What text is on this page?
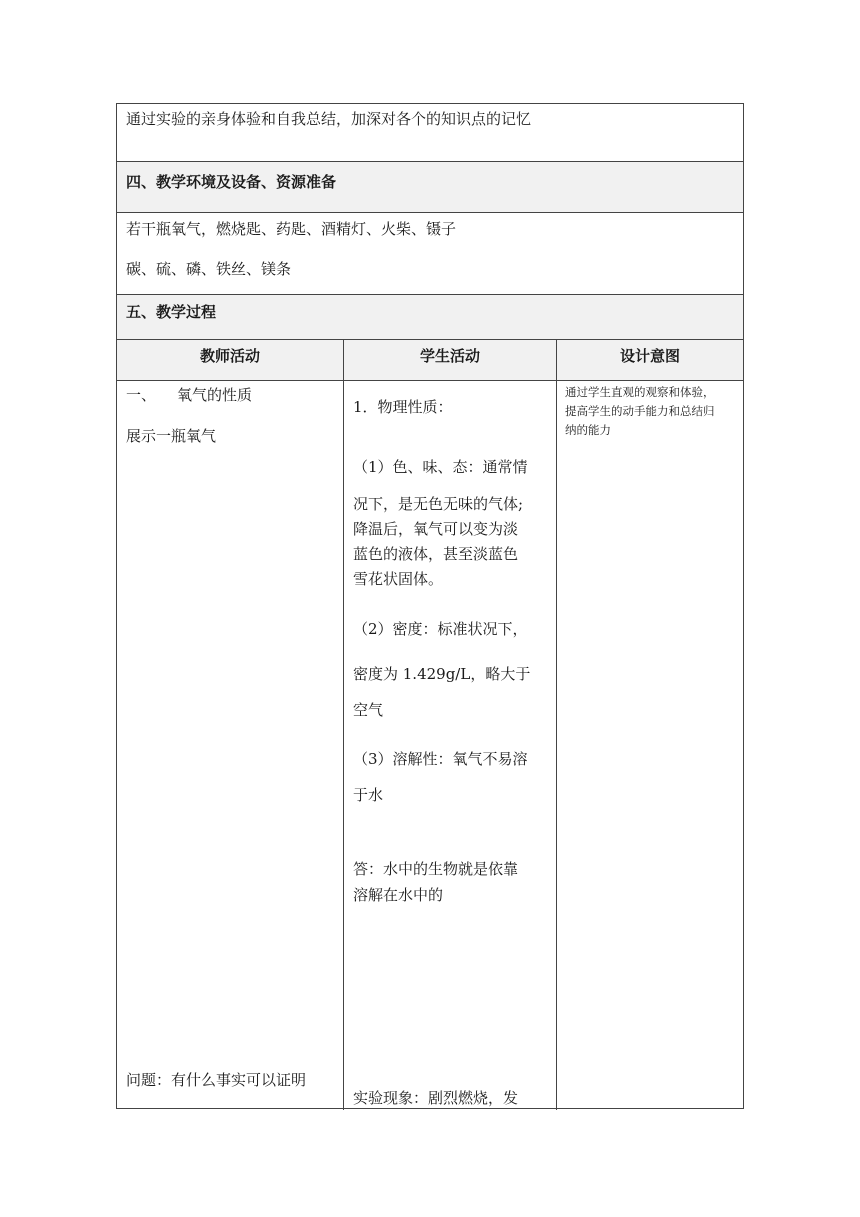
通过实验的亲身体验和自我总结，加深对各个的知识点的记忆
四、教学环境及设备、资源准备
若干瓶氧气，燃烧匙、药匙、酒精灯、火柴、镊子
碳、硫、磷、铁丝、镁条
五、教学过程
教师活动	学生活动	设计意图
一、 氧气的性质
展示一瓶氧气
问题：有什么事实可以证明
1．物理性质：
（1）色、味、态：通常情
况下，是无色无味的气体;
降温后，氧气可以变为淡
蓝色的液体，甚至淡蓝色
雪花状固体。
（2）密度：标准状况下，
密度为 1.429g/L，略大于
空气
（3）溶解性：氧气不易溶
于水
答：水中的生物就是依靠
溶解在水中的
实验现象：剧烈燃烧，发
通过学生直观的观察和体验，
提高学生的动手能力和总结归
纳的能力
